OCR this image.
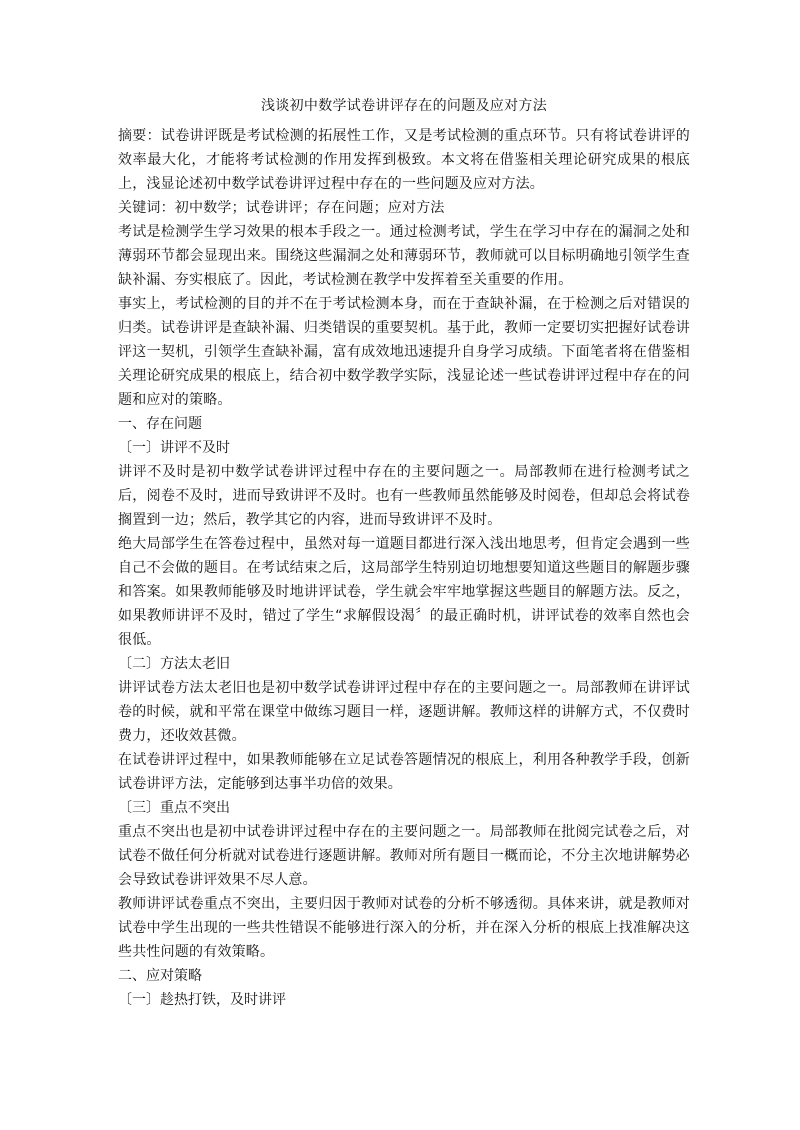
浅谈初中数学试卷讲评存在的问题及应对方法

摘要：试卷讲评既是考试检测的拓展性工作，又是考试检测的重点环节。只有将试卷讲评的效率最大化，才能将考试检测的作用发挥到极致。本文将在借鉴相关理论研究成果的根底上，浅显论述初中数学试卷讲评过程中存在的一些问题及应对方法。

关键词：初中数学；试卷讲评；存在问题；应对方法

考试是检测学生学习效果的根本手段之一。通过检测考试，学生在学习中存在的漏洞之处和薄弱环节都会显现出来。围绕这些漏洞之处和薄弱环节，教师就可以目标明确地引领学生查缺补漏、夯实根底了。因此，考试检测在教学中发挥着至关重要的作用。

事实上，考试检测的目的并不在于考试检测本身，而在于查缺补漏，在于检测之后对错误的归类。试卷讲评是查缺补漏、归类错误的重要契机。基于此，教师一定要切实把握好试卷讲评这一契机，引领学生查缺补漏，富有成效地迅速提升自身学习成绩。下面笔者将在借鉴相关理论研究成果的根底上，结合初中数学教学实际，浅显论述一些试卷讲评过程中存在的问题和应对的策略。

一、存在问题

〔一〕讲评不及时

讲评不及时是初中数学试卷讲评过程中存在的主要问题之一。局部教师在进行检测考试之后，阅卷不及时，进而导致讲评不及时。也有一些教师虽然能够及时阅卷，但却总会将试卷搁置到一边；然后，教学其它的内容，进而导致讲评不及时。

绝大局部学生在答卷过程中，虽然对每一道题目都进行深入浅出地思考，但肯定会遇到一些自己不会做的题目。在考试结束之后，这局部学生特别迫切地想要知道这些题目的解题步骤和答案。如果教师能够及时地讲评试卷，学生就会牢牢地掌握这些题目的解题方法。反之，如果教师讲评不及时，错过了学生“求解假设渴〞的最正确时机，讲评试卷的效率自然也会很低。

〔二〕方法太老旧

讲评试卷方法太老旧也是初中数学试卷讲评过程中存在的主要问题之一。局部教师在讲评试卷的时候，就和平常在课堂中做练习题目一样，逐题讲解。教师这样的讲解方式，不仅费时费力，还收效甚微。

在试卷讲评过程中，如果教师能够在立足试卷答题情况的根底上，利用各种教学手段，创新试卷讲评方法，定能够到达事半功倍的效果。

〔三〕重点不突出

重点不突出也是初中试卷讲评过程中存在的主要问题之一。局部教师在批阅完试卷之后，对试卷不做任何分析就对试卷进行逐题讲解。教师对所有题目一概而论，不分主次地讲解势必会导致试卷讲评效果不尽人意。

教师讲评试卷重点不突出，主要归因于教师对试卷的分析不够透彻。具体来讲，就是教师对试卷中学生出现的一些共性错误不能够进行深入的分析，并在深入分析的根底上找准解决这些共性问题的有效策略。

二、应对策略

〔一〕趁热打铁，及时讲评
